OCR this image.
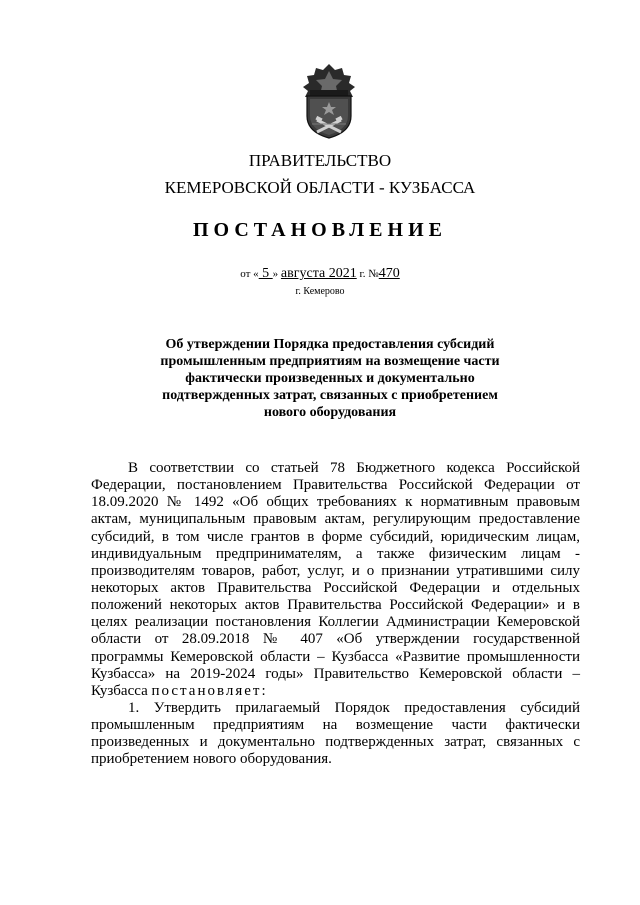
ПРАВИТЕЛЬСТВО
КЕМЕРОВСКОЙ ОБЛАСТИ - КУЗБАССА
ПОСТАНОВЛЕНИЕ
от « 5 » августа 2021 г. №470
г. Кемерово
Об утверждении Порядка предоставления субсидий
промышленным предприятиям на возмещение части
фактически произведенных и документально
подтвержденных затрат, связанных с приобретением
нового оборудования
В соответствии со статьей 78 Бюджетного кодекса Российской
Федерации, постановлением Правительства Российской Федерации от
18.09.2020 № 1492 «Об общих требованиях к нормативным правовым
актам, муниципальным правовым актам, регулирующим предоставление
субсидий, в том числе грантов в форме субсидий, юридическим лицам,
индивидуальным предпринимателям, а также физическим лицам -
производителям товаров, работ, услуг, и о признании утратившими силу
некоторых актов Правительства Российской Федерации и отдельных
положений некоторых актов Правительства Российской Федерации» и в
целях реализации постановления Коллегии Администрации Кемеровской
области от 28.09.2018 № 407 «Об утверждении государственной
программы Кемеровской области – Кузбасса «Развитие промышленности
Кузбасса» на 2019-2024 годы» Правительство Кемеровской области –
Кузбасса постановляет:
1. Утвердить прилагаемый Порядок предоставления субсидий
промышленным предприятиям на возмещение части фактически
произведенных и документально подтвержденных затрат, связанных с
приобретением нового оборудования.
